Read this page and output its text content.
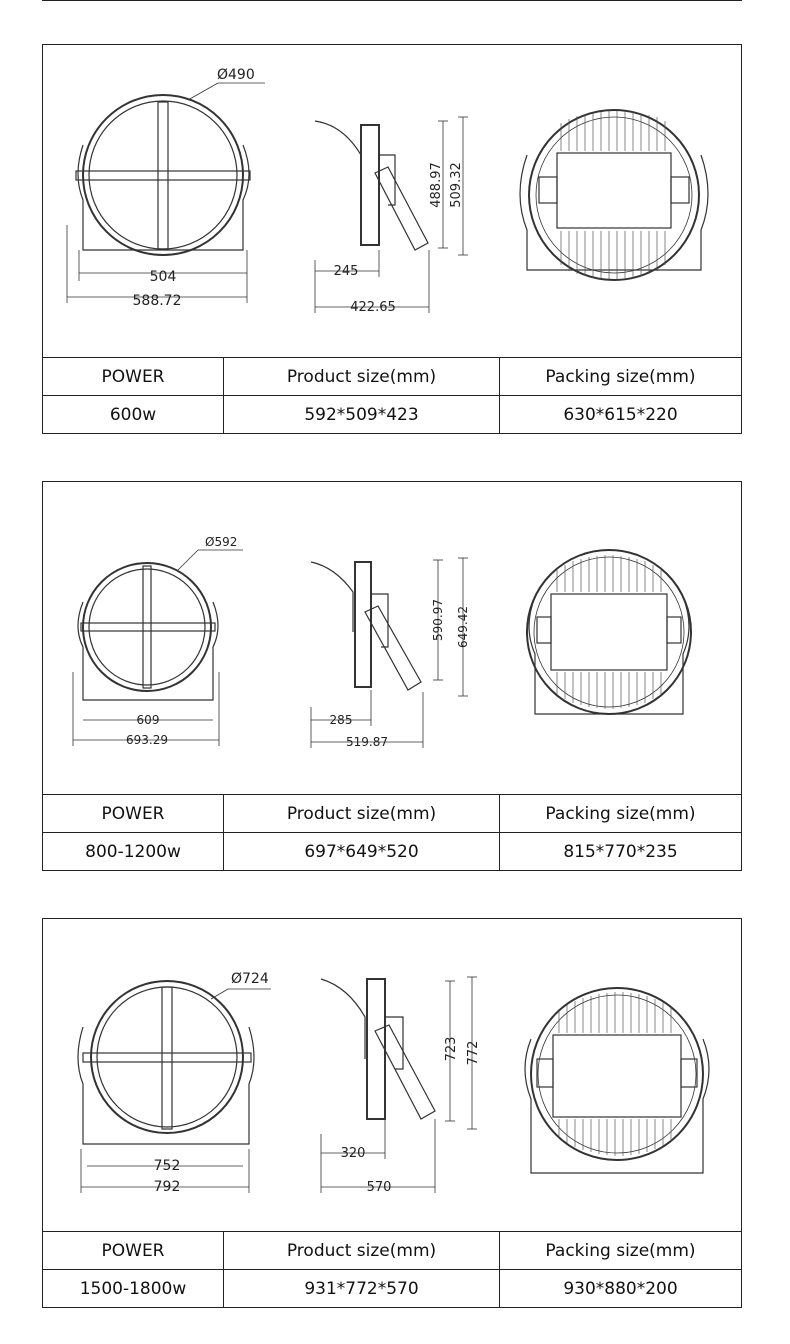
Ø490
504
588.72
245
422.65
488.97 509.32
POWER	Product size(mm)	Packing size(mm)
600w	592*509*423	630*615*220
Ø592
609
693.29
285
519.87
590.97 649.42
POWER	Product size(mm)	Packing size(mm)
800-1200w	697*649*520	815*770*235
Ø724
752
792
320
570
723 772
POWER	Product size(mm)	Packing size(mm)
1500-1800w	931*772*570	930*880*200
